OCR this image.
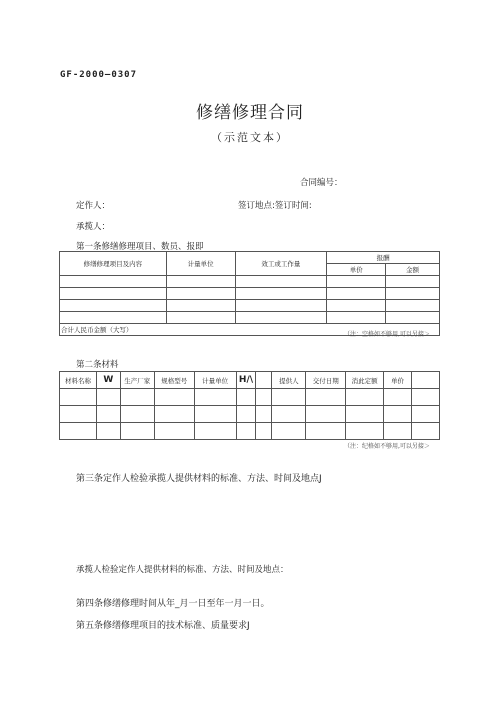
GF-2000—0307
修缮修理合同
（示范文本）
合同编号：
定作人：	签订地点:签订时间:
承揽人：
第一条修缮修理项目、数员、报即
修缮修理项目及内容	计量单位	效工或工作量	报酬	
			单价	金额

合计人民币金额（大写）				
（注：空格如不够用,可以另接＞
第二条材料
材料名称	W	生产厂家	规格型号	计量单位	H/\		提供人	交付日期	消此定额	单价	

（注：纪格如不够用,可以另接＞
第三条定作人检验承揽人提供材料的标准、方法、时间及地点J
承揽人检验定作人提供材料的标准、方法、时间及地点：
第四条修缮修理时间从年_月一日至年一月一日。
第五条修缮修理项目的技术标准、质量要求J
